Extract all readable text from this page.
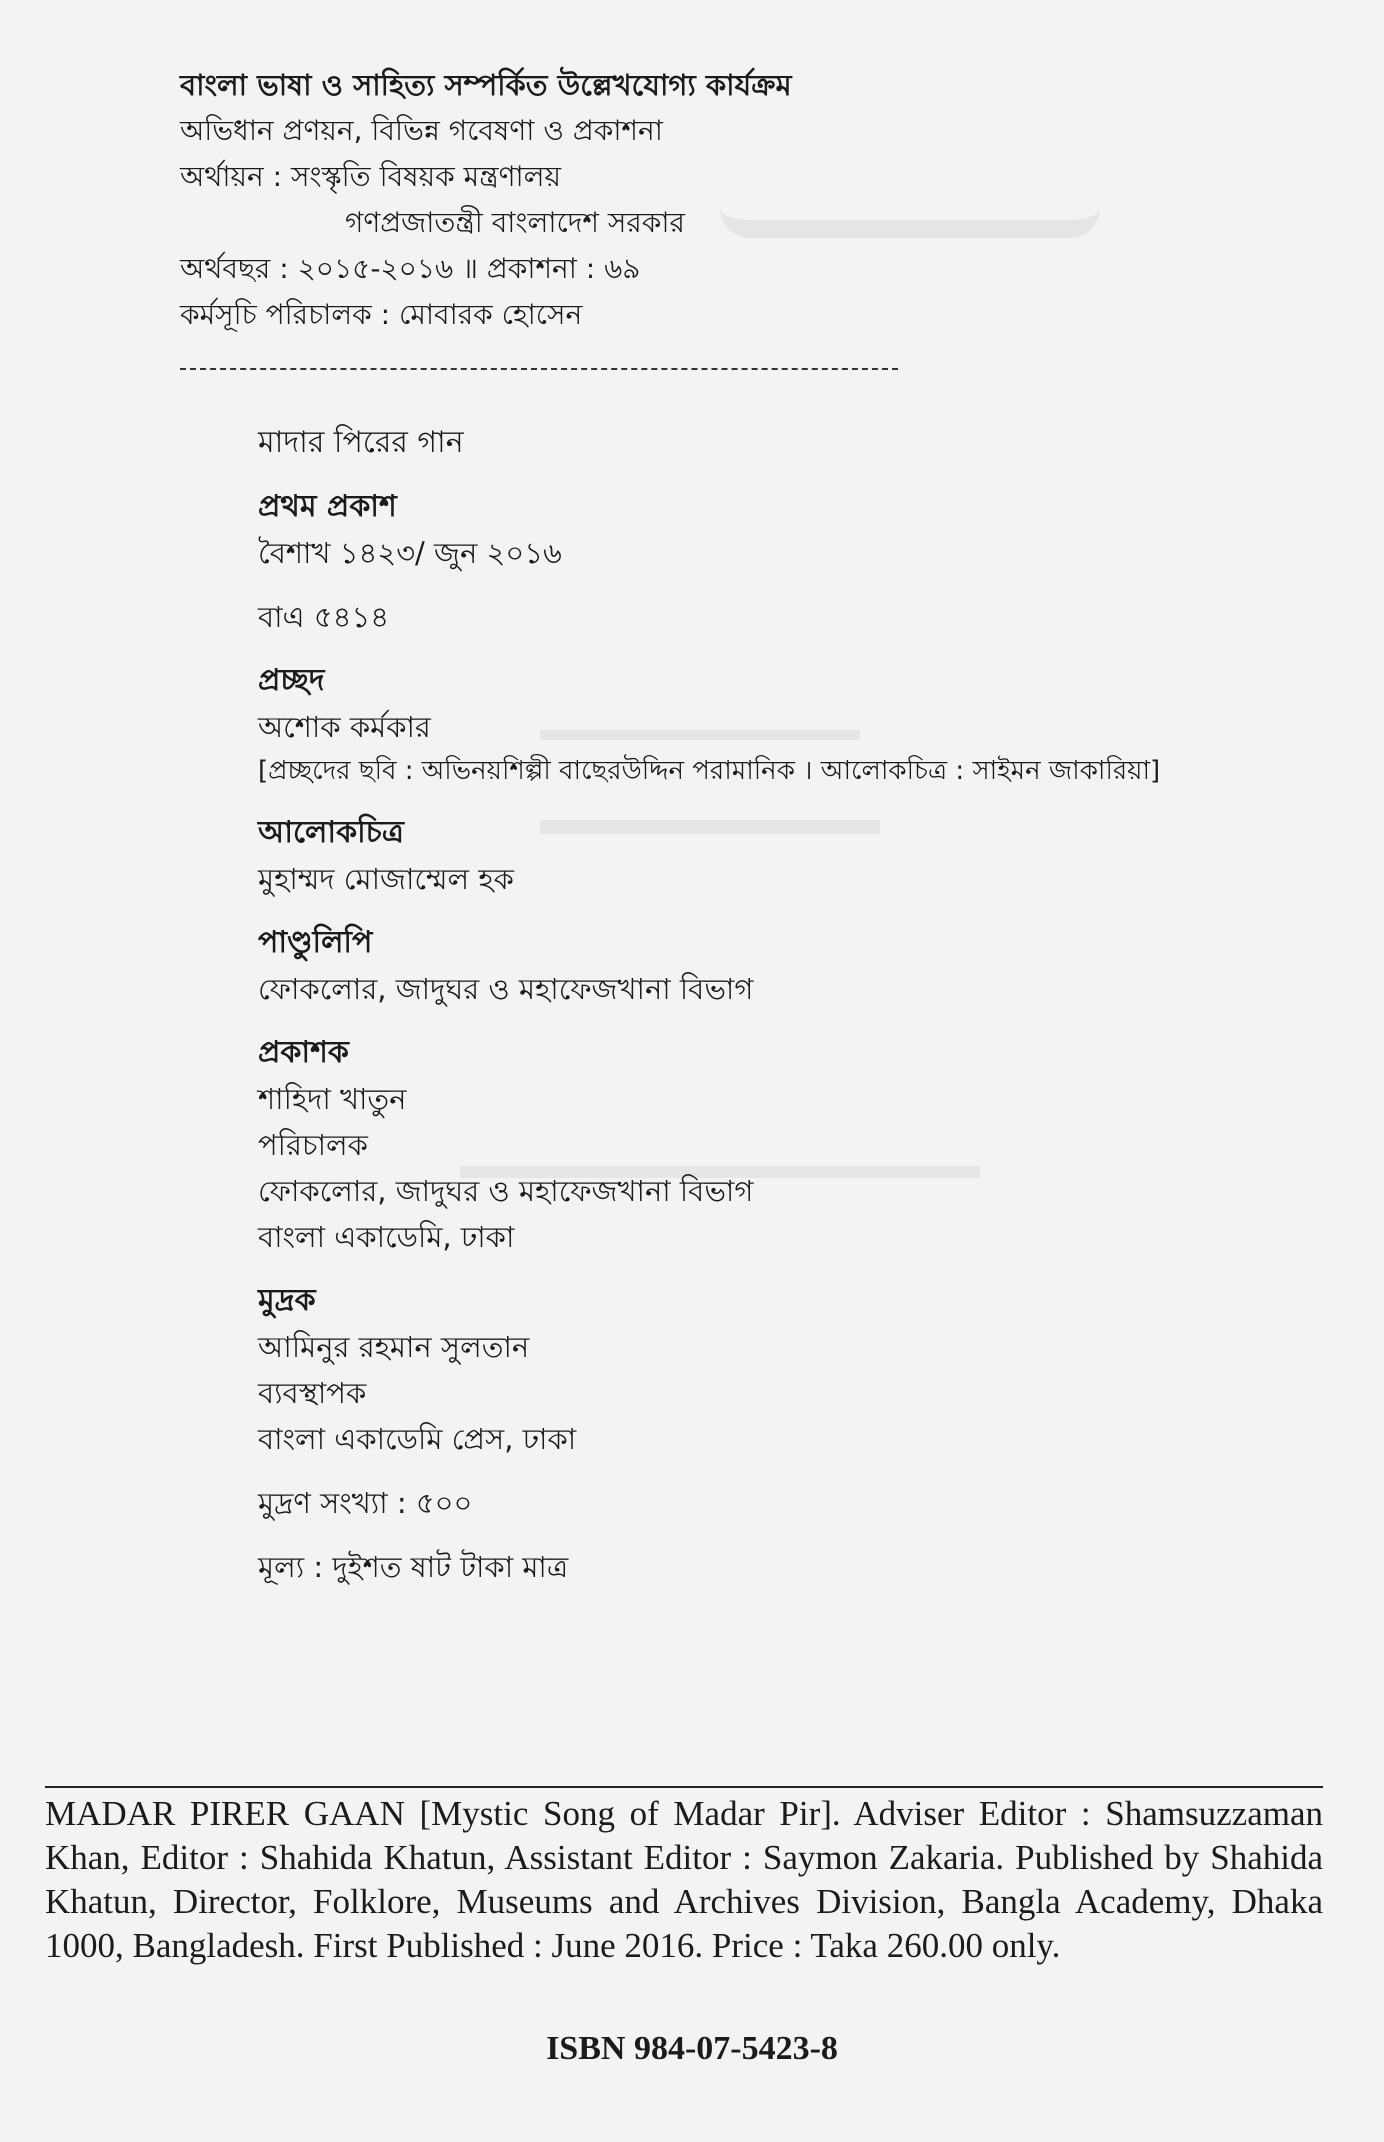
বাংলা ভাষা ও সাহিত্য সম্পর্কিত উল্লেখযোগ্য কার্যক্রম
অভিধান প্রণয়ন, বিভিন্ন গবেষণা ও প্রকাশনা
অর্থায়ন : সংস্কৃতি বিষয়ক মন্ত্রণালয়
গণপ্রজাতন্ত্রী বাংলাদেশ সরকার
অর্থবছর : ২০১৫-২০১৬ ॥ প্রকাশনা : ৬৯
কর্মসূচি পরিচালক : মোবারক হোসেন
মাদার পিরের গান
প্রথম প্রকাশ
বৈশাখ ১৪২৩/ জুন ২০১৬
বাএ ৫৪১৪
প্রচ্ছদ
অশোক কর্মকার
[প্রচ্ছদের ছবি : অভিনয়শিল্পী বাছেরউদ্দিন পরামানিক । আলোকচিত্র : সাইমন জাকারিয়া]
আলোকচিত্র
মুহাম্মদ মোজাম্মেল হক
পাণ্ডুলিপি
ফোকলোর, জাদুঘর ও মহাফেজখানা বিভাগ
প্রকাশক
শাহিদা খাতুন
পরিচালক
ফোকলোর, জাদুঘর ও মহাফেজখানা বিভাগ
বাংলা একাডেমি, ঢাকা
মুদ্রক
আমিনুর রহমান সুলতান
ব্যবস্থাপক
বাংলা একাডেমি প্রেস, ঢাকা
মুদ্রণ সংখ্যা : ৫০০
মূল্য : দুইশত ষাট টাকা মাত্র
MADAR PIRER GAAN [Mystic Song of Madar Pir]. Adviser Editor : Shamsuzzaman Khan, Editor : Shahida Khatun, Assistant Editor : Saymon Zakaria. Published by Shahida Khatun, Director, Folklore, Museums and Archives Division, Bangla Academy, Dhaka 1000, Bangladesh. First Published : June 2016. Price : Taka 260.00 only.
ISBN 984-07-5423-8
